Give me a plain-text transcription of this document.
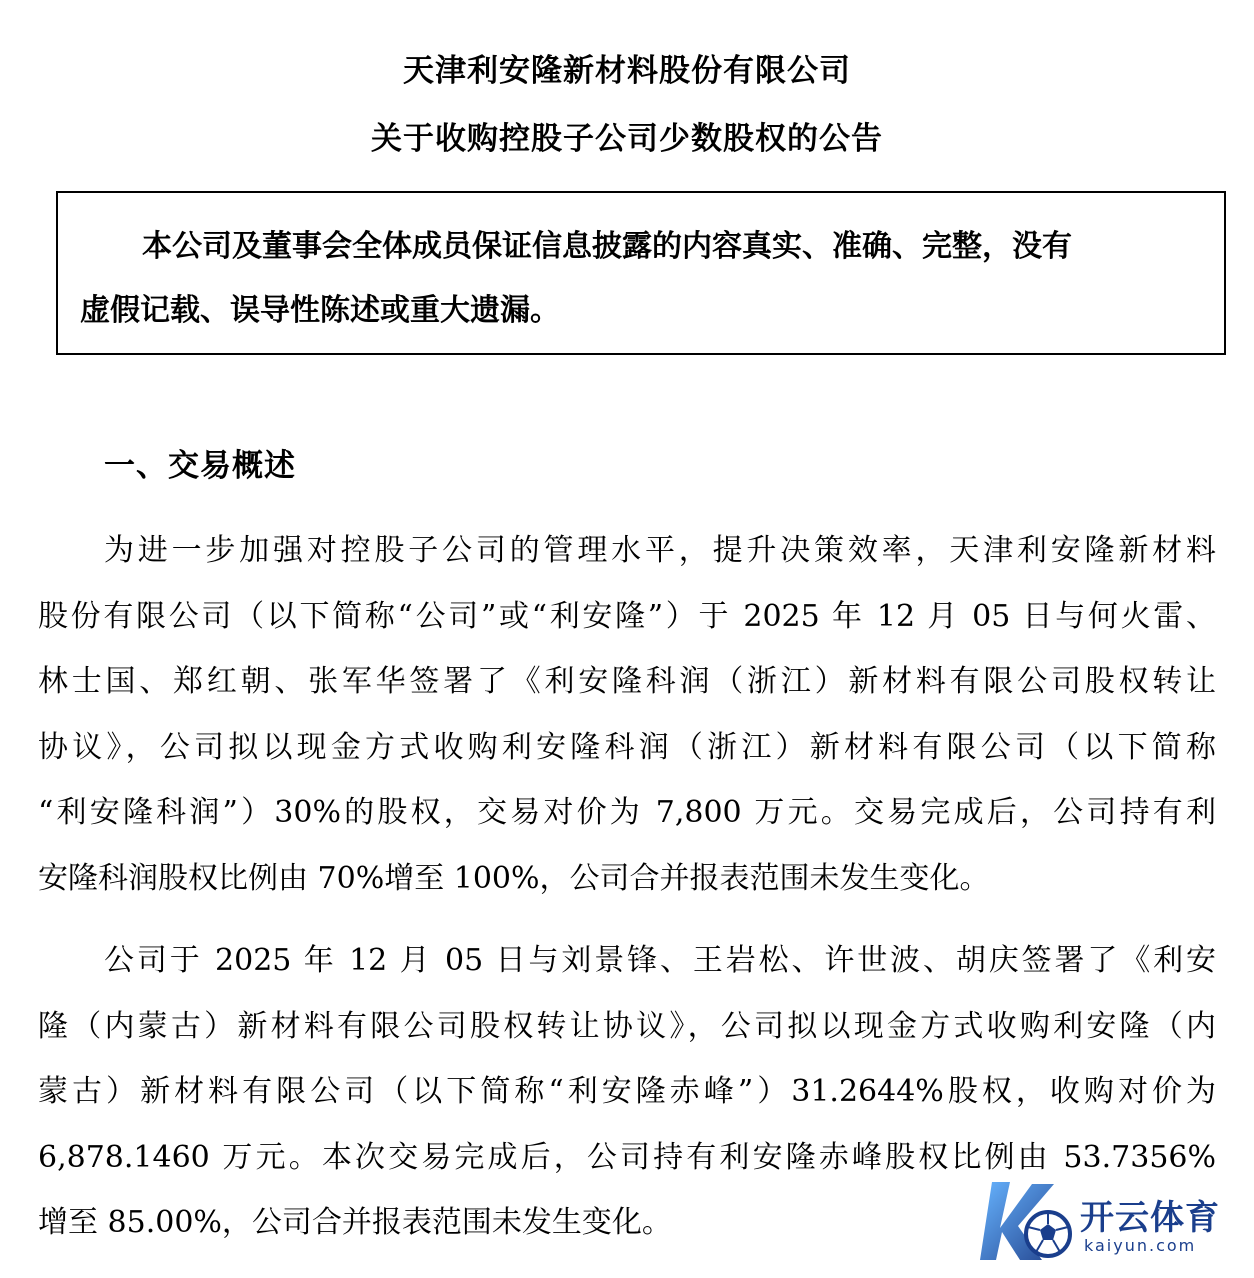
天津利安隆新材料股份有限公司
关于收购控股子公司少数股权的公告
本公司及董事会全体成员保证信息披露的内容真实、准确、完整，没有
虚假记载、误导性陈述或重大遗漏。
一、交易概述
为进一步加强对控股子公司的管理水平，提升决策效率，天津利安隆新材料
股份有限公司（以下简称“公司”或“利安隆”）于 2025 年 12 月 05 日与何火雷、
林士国、郑红朝、张军华签署了《利安隆科润（浙江）新材料有限公司股权转让
协议》，公司拟以现金方式收购利安隆科润（浙江）新材料有限公司（以下简称
“利安隆科润”）30%的股权，交易对价为 7,800 万元。交易完成后，公司持有利
安隆科润股权比例由 70%增至 100%，公司合并报表范围未发生变化。
公司于 2025 年 12 月 05 日与刘景锋、王岩松、许世波、胡庆签署了《利安
隆（内蒙古）新材料有限公司股权转让协议》，公司拟以现金方式收购利安隆（内
蒙古）新材料有限公司（以下简称“利安隆赤峰”）31.2644%股权，收购对价为
6,878.1460 万元。本次交易完成后，公司持有利安隆赤峰股权比例由 53.7356%
增至 85.00%，公司合并报表范围未发生变化。	开云体育
kaiyun.com
